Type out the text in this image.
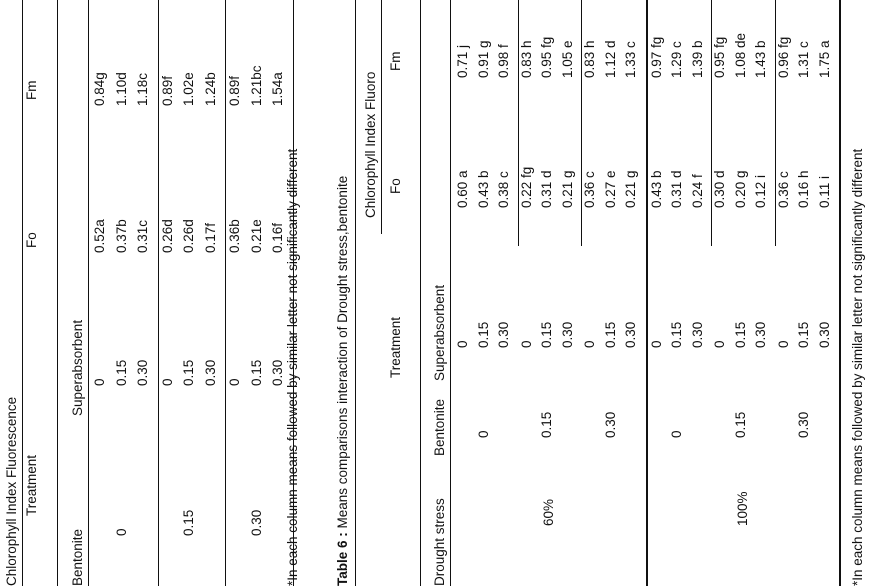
Chlorophyll Index Fluorescence Treatment
Fo
Fm
Bentonite
Superabsorbent 0
0.52a
0.84g
0.15
0.37b
1.10d
0.30
0.31c
1.18c
0
0
0.26d
0.89f
0.15
0.26d
1.02e
0.30
0.17f
1.24b
0.15
0
0.36b
0.89f
0.15
0.21e
1.21bc
0.30
0.16f
1.54a
0.30 *In each column means followed by similar letter not significantly different	Table 6 : Means comparisons interaction of Drought stress,bentonite
Chlorophyll Index Fluoro
Treatment
Fo
Fm
Drought stress
Bentonite
Superabsorbent 0
0.60 a
0.71 j
0.15
0.43 b
0.91 g
0.30
0.38 c
0.98 f
0
0
0.22 fg
0.83 h
0.15
0.31 d
0.95 fg
0.30
0.21 g
1.05 e
0.15
0
0.36 c
0.83 h
0.15
0.27 e
1.12 d
0.30
0.21 g
1.33 c
0.30
60%
0
0.43 b
0.97 fg
0.15
0.31 d
1.29 c
0.30
0.24 f
1.39 b
0
0
0.30 d
0.95 fg
0.15
0.20 g
1.08 de
0.30
0.12 i
1.43 b
0.15
0
0.36 c
0.96 fg
0.15
0.16 h
1.31 c
0.30
0.11 i
1.75 a
0.30
100%	*In each column means followed by similar letter not significantly different
